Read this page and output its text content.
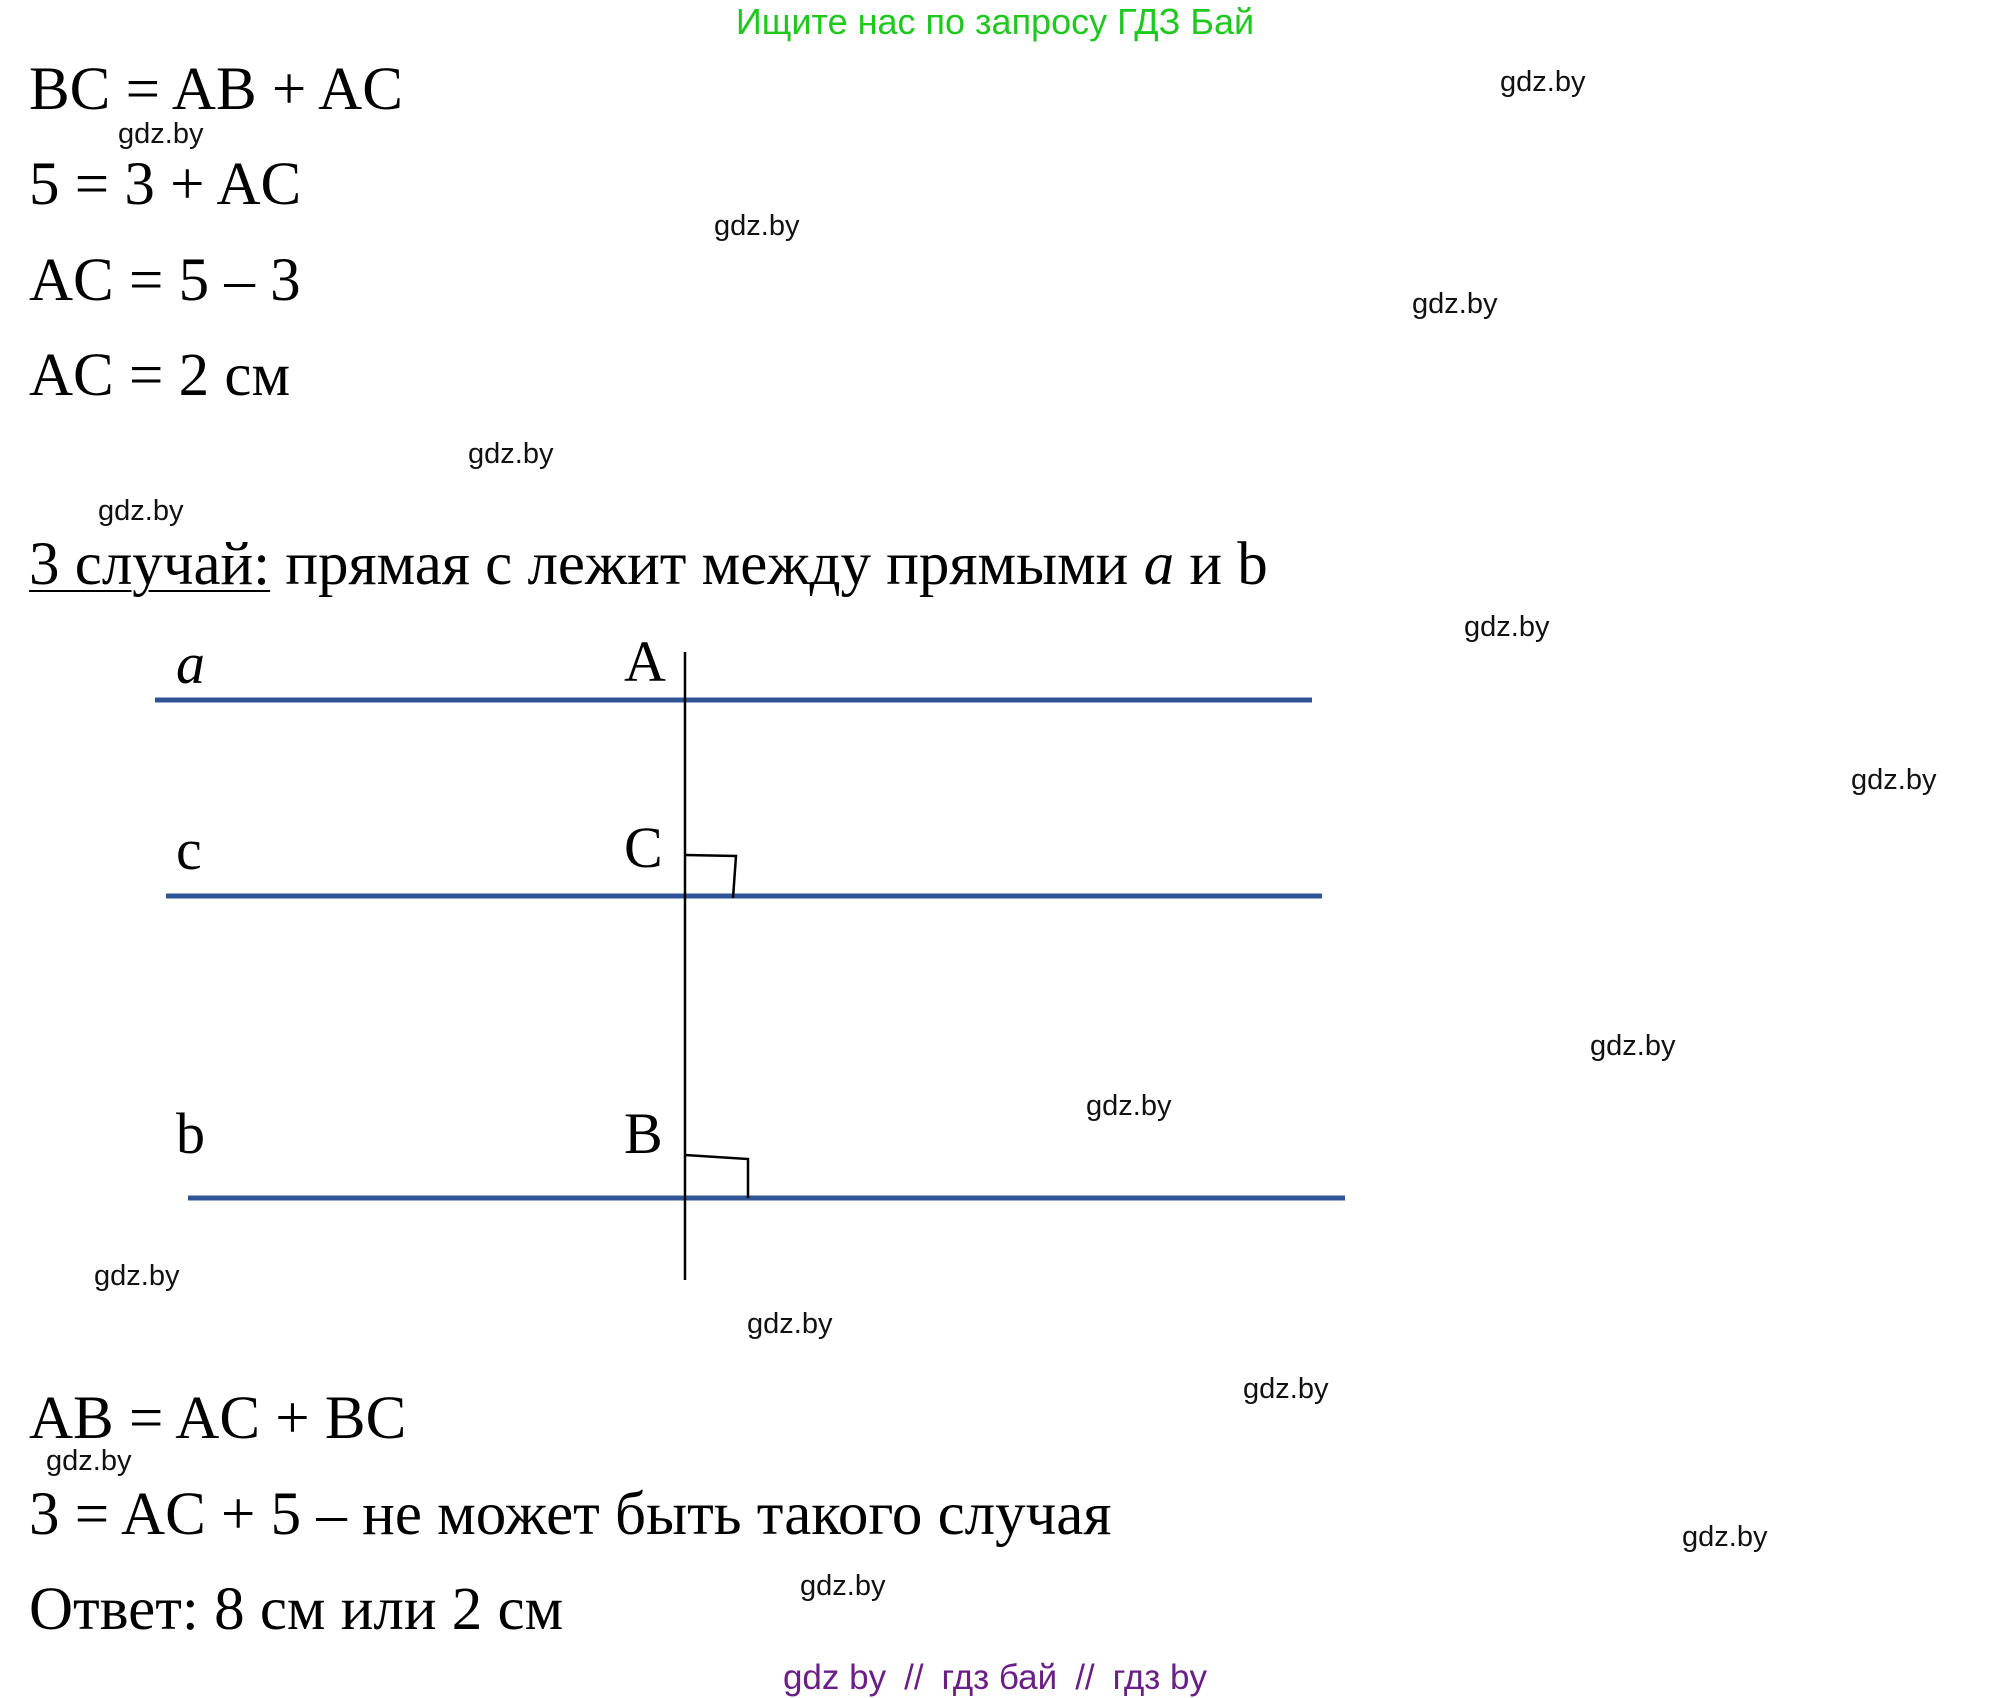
Ищите нас по запросу ГДЗ Бай
BC = AB + AC
5 = 3 + AC
AC = 5 – 3
AC = 2 см
3 случай: прямая с лежит между прямыми a и b
a	A
c	C
b	B
AB = AC + BC
3 = AC + 5 – не может быть такого случая
Ответ: 8 см или 2 см
gdz.by
gdz.by
gdz.by
gdz.by
gdz.by
gdz.by
gdz.by
gdz.by
gdz.by
gdz.by
gdz.by
gdz.by
gdz.by
gdz.by
gdz.by
gdz.by
gdz by // гдз бай // гдз by
